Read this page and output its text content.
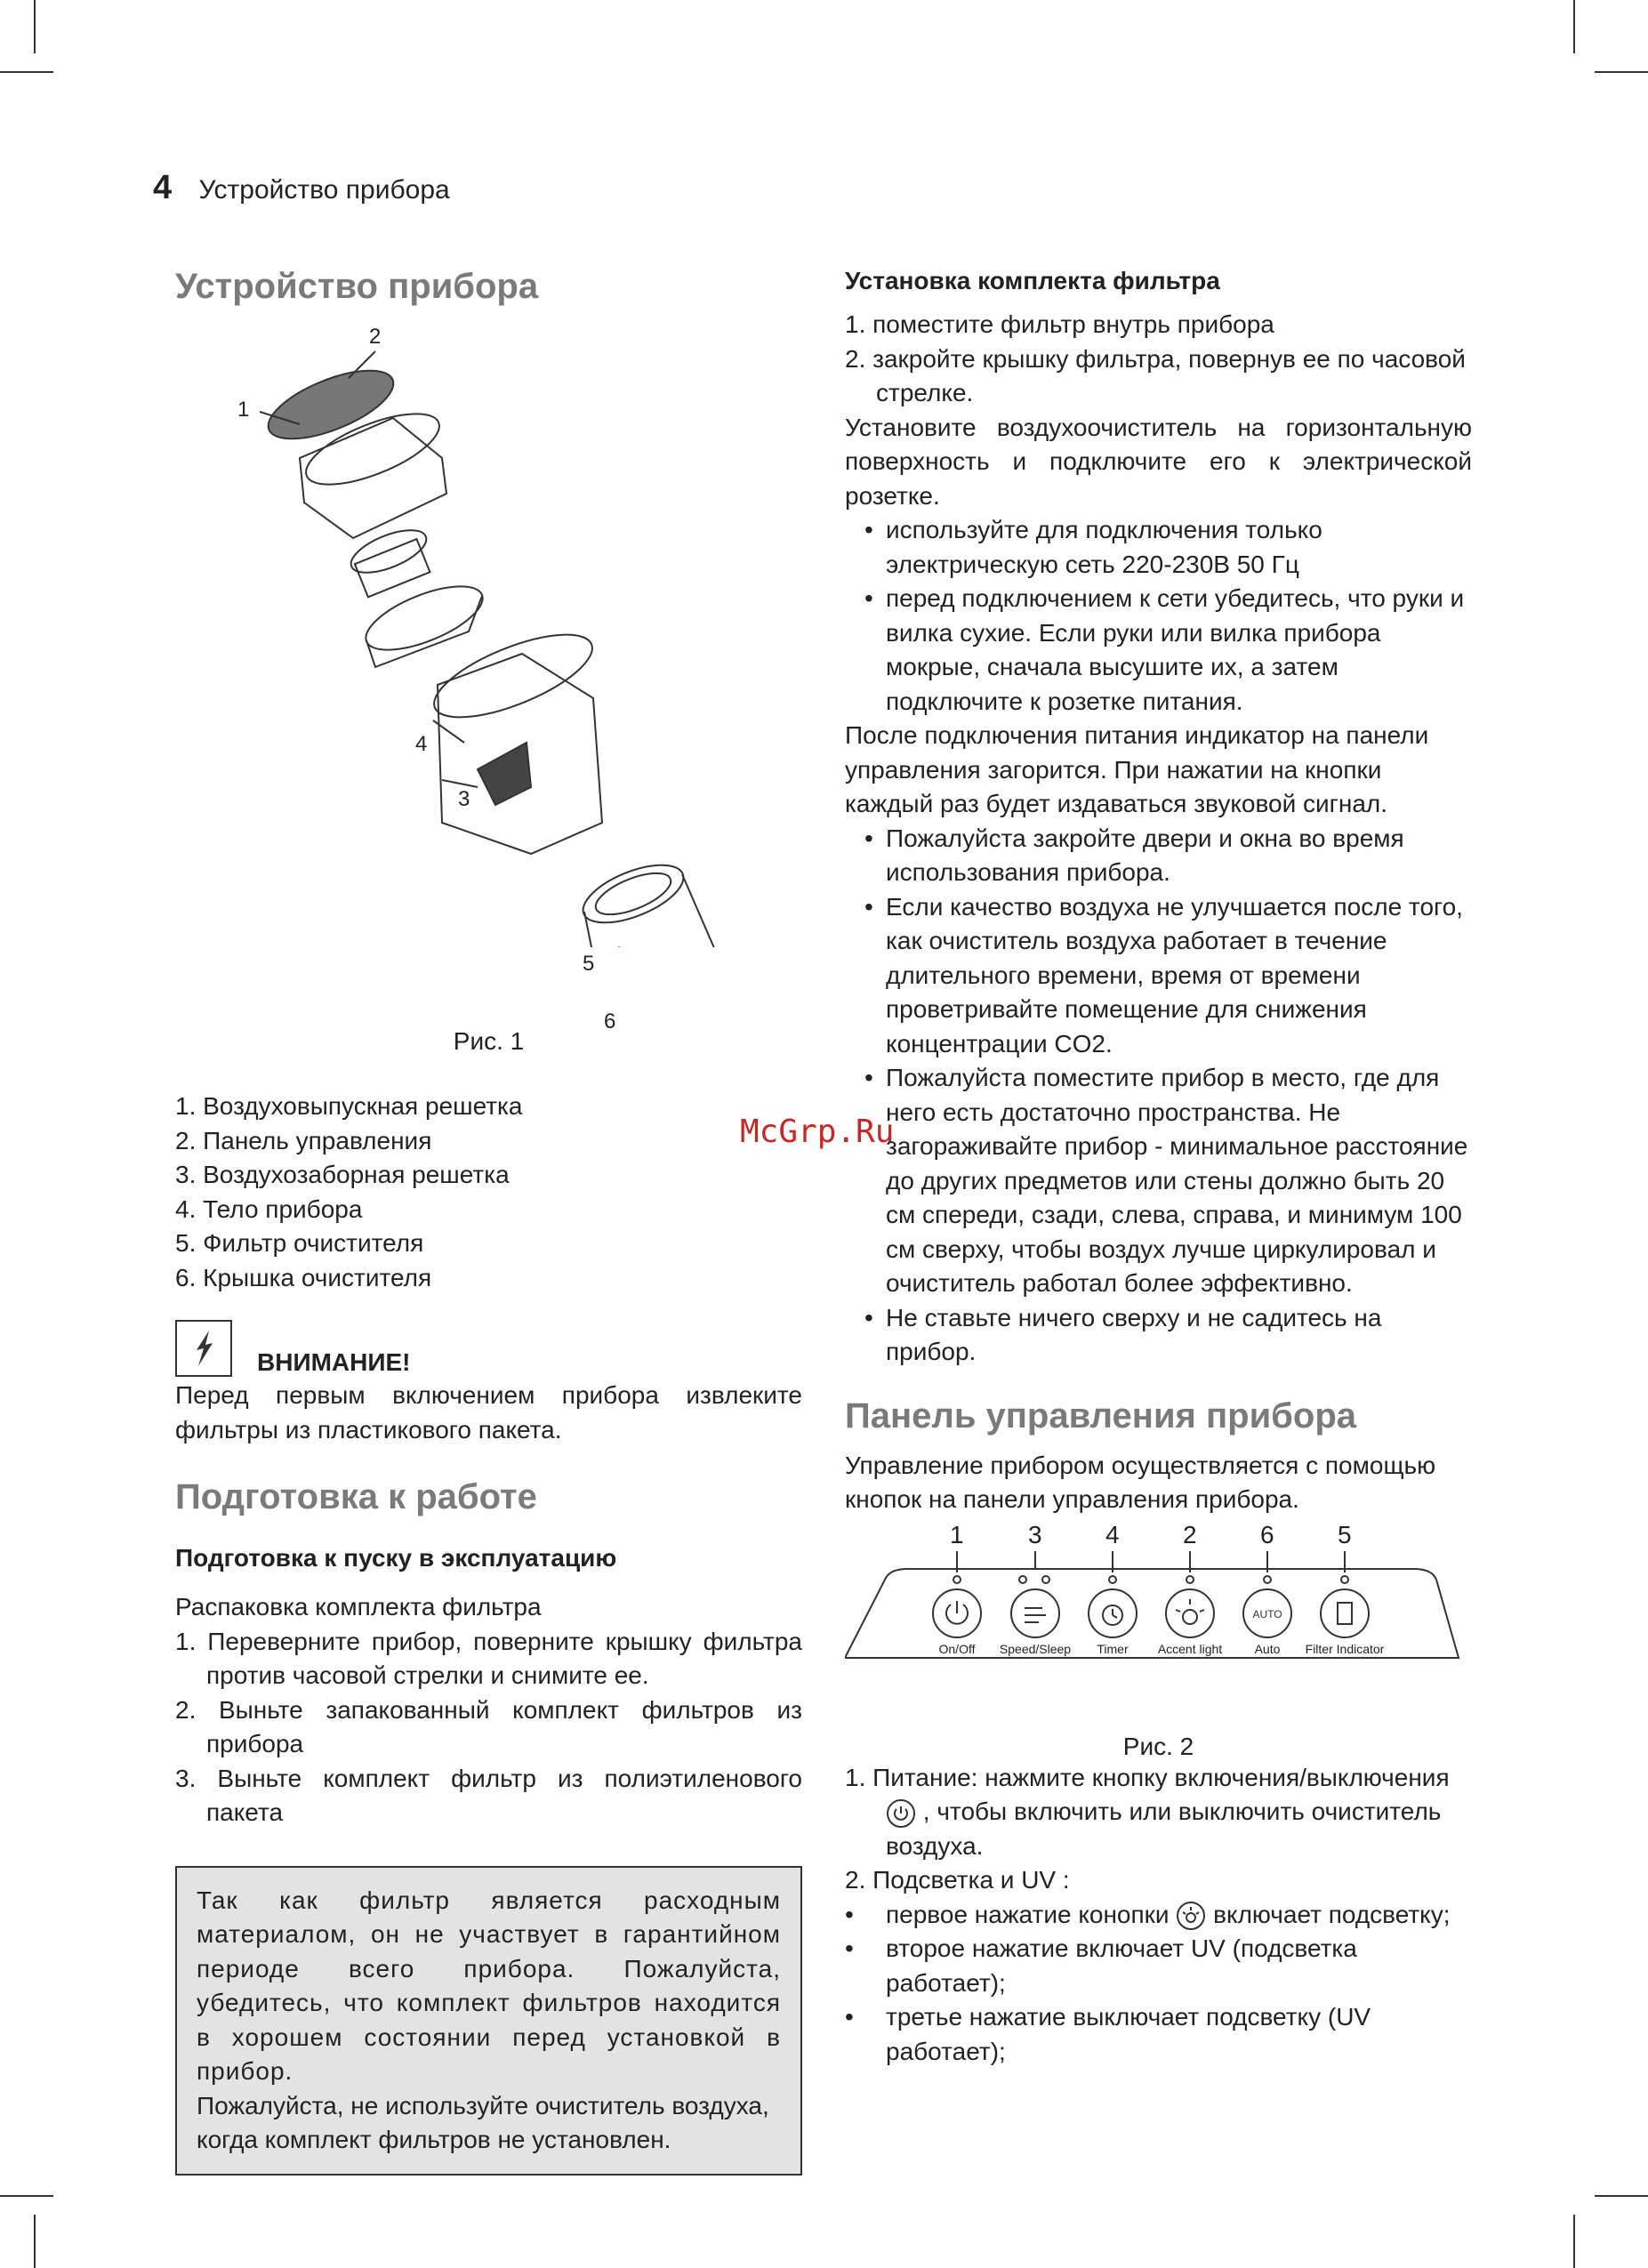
4 Устройство прибора
McGrp.Ru
Устройство прибора
1
2
3
4
5
6
Рис. 1
1. Воздуховыпускная решетка
2. Панель управления
3. Воздухозаборная решетка
4. Тело прибора
5. Фильтр очистителя
6. Крышка очистителя
ВНИМАНИЕ!

Перед первым включением прибора извлеките фильтры из пластикового пакета.

Подготовка к работе
Подготовка к пуску в эксплуатацию

Распаковка комплекта фильтра

1. Переверните прибор, поверните крышку фильтра против часовой стрелки и снимите ее.
2. Выньте запакованный комплект фильтров из прибора
3. Выньте комплект фильтр из полиэтиленового пакета

Так как фильтр является расходным материалом, он не участвует в гарантийном периоде всего прибора. Пожалуйста, убедитесь, что комплект фильтров находится в хорошем состоянии перед установкой в прибор.

Пожалуйста, не используйте очиститель воздуха, когда комплект фильтров не установлен.

Установка комплекта фильтра
1. поместите фильтр внутрь прибора
2. закройте крышку фильтра, повернув ее по часовой стрелке.

Установите воздухоочиститель на горизонтальную поверхность и подключите его к электрической розетке.

• используйте для подключения только электрическую сеть 220-230В 50 Гц
• перед подключением к сети убедитесь, что руки и вилка сухие. Если руки или вилка прибора мокрые, сначала высушите их, а затем подключите к розетке питания.

После подключения питания индикатор на панели управления загорится. При нажатии на кнопки каждый раз будет издаваться звуковой сигнал.

• Пожалуйста закройте двери и окна во время использования прибора.
• Если качество воздуха не улучшается после того, как очиститель воздуха работает в течение длительного времени, время от времени проветривайте помещение для снижения концентрации CO2.
• Пожалуйста поместите прибор в место, где для него есть достаточно пространства. Не загораживайте прибор - минимальное расстояние до других предметов или стены должно быть 20 см спереди, сзади, слева, справа, и минимум 100 см сверху, чтобы воздух лучше циркулировал и очиститель работал более эффективно.
• Не ставьте ничего сверху и не садитесь на прибор.
Панель управления прибора

Управление прибором осуществляется с помощью кнопок на панели управления прибора.

AUTO
1	3	4	2	6	5
On/Off	Speed/Sleep	Timer	Accent light	Auto	Filter Indicator
Рис. 2

1. Питание: нажмите кнопку включения/выключения  , чтобы включить или выключить очиститель воздуха.

2. Подсветка и UV :

• первое нажатие конопки включает подсветку;
• второе нажатие включает UV (подсветка работает);
• третье нажатие выключает подсветку (UV работает);
